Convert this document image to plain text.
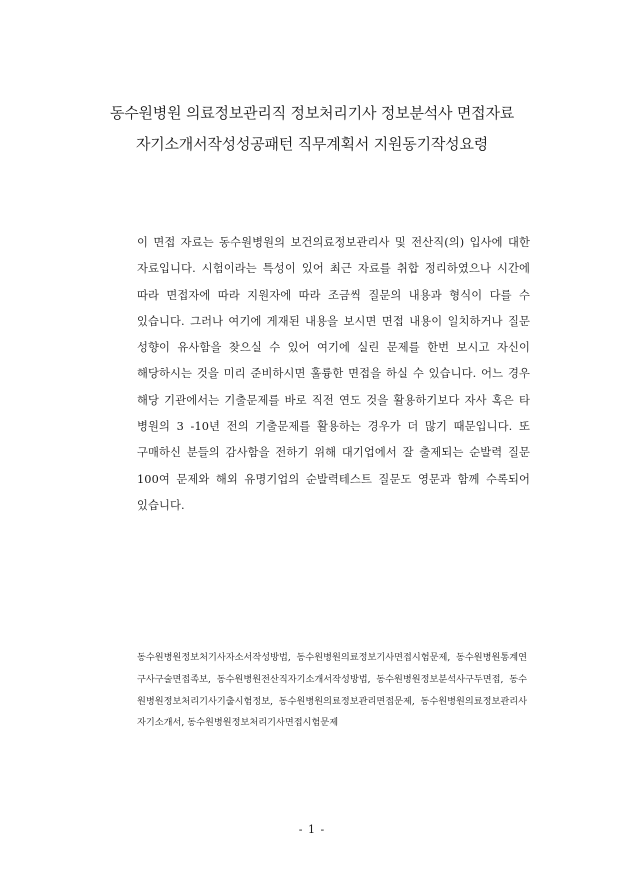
동수원병원 의료정보관리직 정보처리기사 정보분석사 면접자료
자기소개서작성성공패턴 직무계획서 지원동기작성요령
이 면접 자료는 동수원병원의 보건의료정보관리사 및 전산직(의) 입사에 대한 자료입니다. 시험이라는 특성이 있어 최근 자료를 취합 정리하였으나 시간에 따라 면접자에 따라 지원자에 따라 조금씩 질문의 내용과 형식이 다를 수 있습니다. 그러나 여기에 게재된 내용을 보시면 면접 내용이 일치하거나 질문 성향이 유사함을 찾으실 수 있어 여기에 실린 문제를 한번 보시고 자신이 해당하시는 것을 미리 준비하시면 훌륭한 면접을 하실 수 있습니다. 어느 경우 해당 기관에서는 기출문제를 바로 직전 연도 것을 활용하기보다 자사 혹은 타 병원의 3 -10년 전의 기출문제를 활용하는 경우가 더 많기 때문입니다. 또 구매하신 분들의 감사함을 전하기 위해 대기업에서 잘 출제되는 순발력 질문 100여 문제와 해외 유명기업의 순발력테스트 질문도 영문과 함께 수록되어 있습니다.
동수원병원정보처기사자소서작성방법, 동수원병원의료정보기사면접시험문제, 동수원병원통계연구사구술면접족보, 동수원병원전산직자기소개서작성방법, 동수원병원정보분석사구두면접, 동수원병원정보처리기사기출시험정보, 동수원병원의료정보관리면접문제, 동수원병원의료정보관리사자기소개서, 동수원병원정보처리기사면접시험문제
- 1 -
